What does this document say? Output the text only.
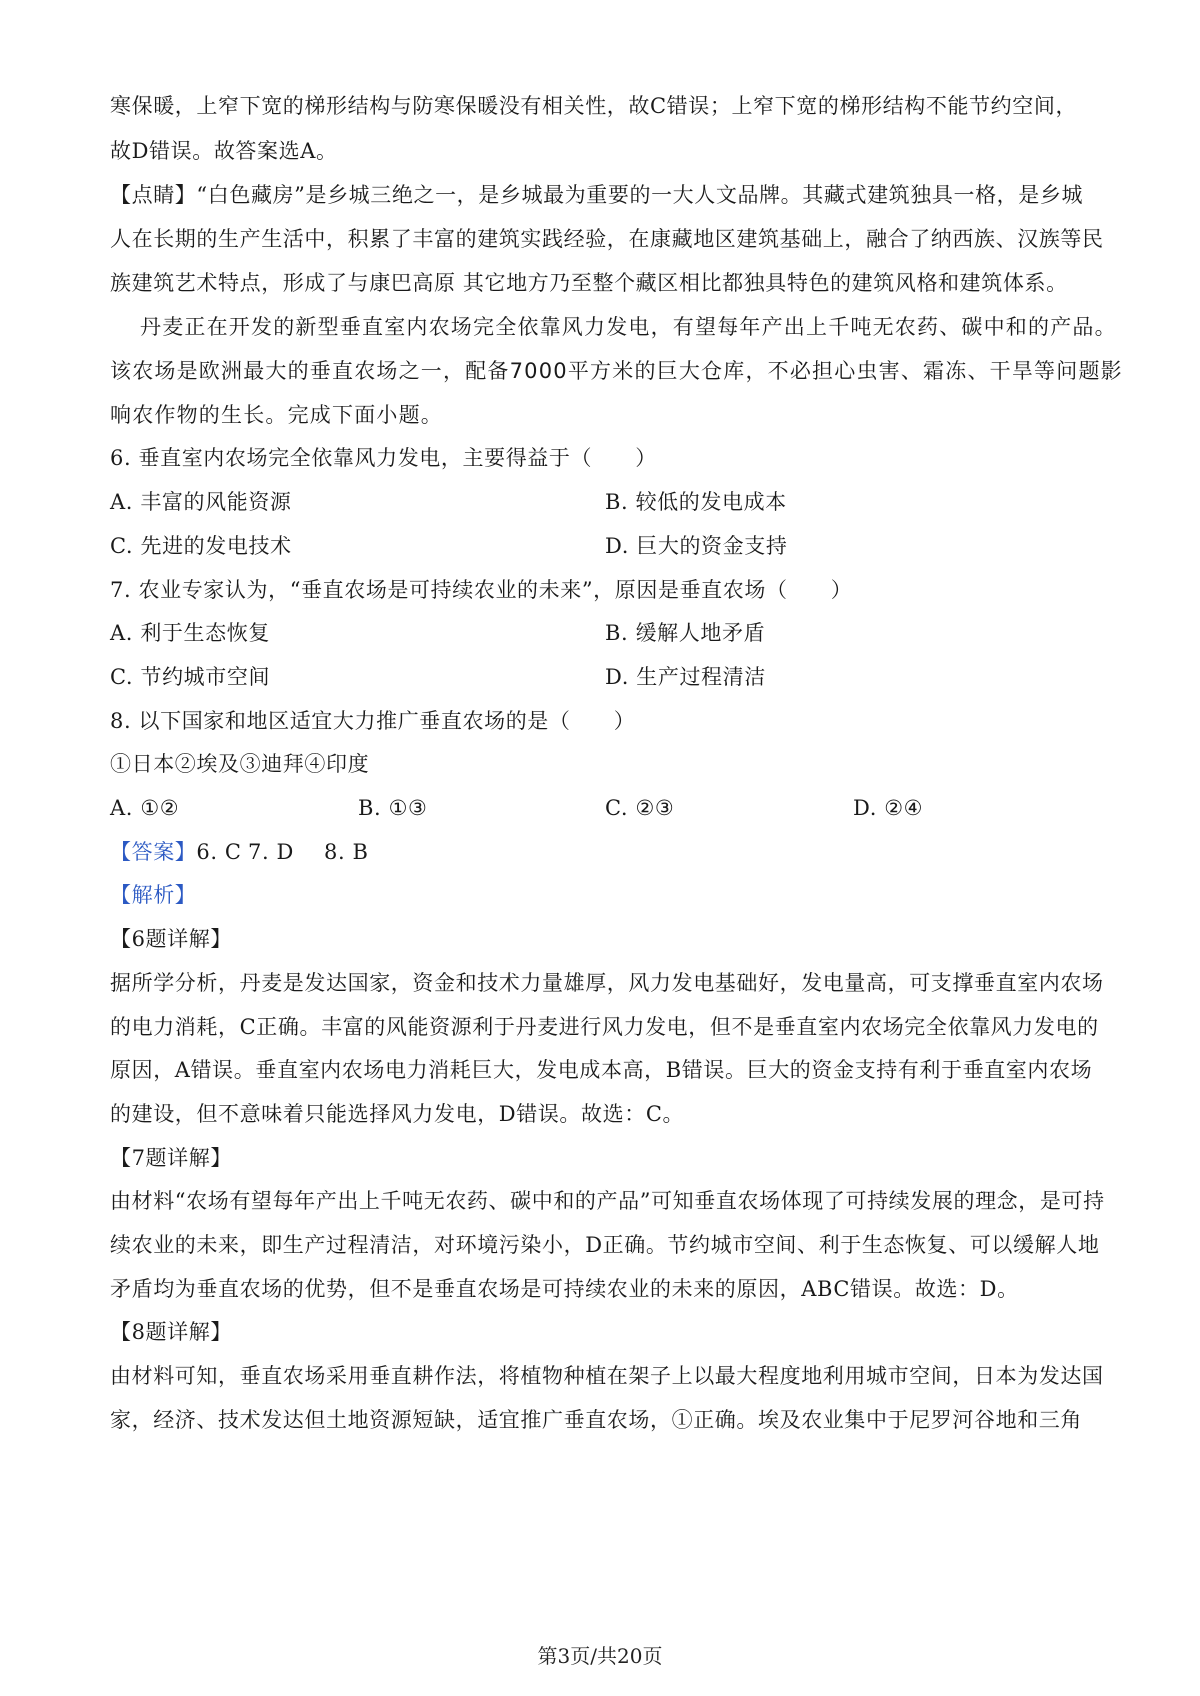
寒保暖，上窄下宽的梯形结构与防寒保暖没有相关性，故C错误；上窄下宽的梯形结构不能节约空间，
故D错误。故答案选A。
【点睛】“白色藏房”是乡城三绝之一，是乡城最为重要的一大人文品牌。其藏式建筑独具一格，是乡城
人在长期的生产生活中，积累了丰富的建筑实践经验，在康藏地区建筑基础上，融合了纳西族、汉族等民
族建筑艺术特点，形成了与康巴高原 其它地方乃至整个藏区相比都独具特色的建筑风格和建筑体系。
丹麦正在开发的新型垂直室内农场完全依靠风力发电，有望每年产出上千吨无农药、碳中和的产品。
该农场是欧洲最大的垂直农场之一，配备7000平方米的巨大仓库，不必担心虫害、霜冻、干旱等问题影
响农作物的生长。完成下面小题。
6. 垂直室内农场完全依靠风力发电，主要得益于（　　）
A. 丰富的风能资源	B. 较低的发电成本
C. 先进的发电技术	D. 巨大的资金支持
7. 农业专家认为，“垂直农场是可持续农业的未来”，原因是垂直农场（　　）
A. 利于生态恢复	B. 缓解人地矛盾
C. 节约城市空间	D. 生产过程清洁
8. 以下国家和地区适宜大力推广垂直农场的是（　　）
①日本②埃及③迪拜④印度
A. ①②	B. ①③	C. ②③	D. ②④
【答案】6. C 7. D 8. B
【解析】
【6题详解】
据所学分析，丹麦是发达国家，资金和技术力量雄厚，风力发电基础好，发电量高，可支撑垂直室内农场
的电力消耗，C正确。丰富的风能资源利于丹麦进行风力发电，但不是垂直室内农场完全依靠风力发电的
原因，A错误。垂直室内农场电力消耗巨大，发电成本高，B错误。巨大的资金支持有利于垂直室内农场
的建设，但不意味着只能选择风力发电，D错误。故选：C。
【7题详解】
由材料“农场有望每年产出上千吨无农药、碳中和的产品”可知垂直农场体现了可持续发展的理念，是可持
续农业的未来，即生产过程清洁，对环境污染小，D正确。节约城市空间、利于生态恢复、可以缓解人地
矛盾均为垂直农场的优势，但不是垂直农场是可持续农业的未来的原因，ABC错误。故选：D。
【8题详解】
由材料可知，垂直农场采用垂直耕作法，将植物种植在架子上以最大程度地利用城市空间，日本为发达国
家，经济、技术发达但土地资源短缺，适宜推广垂直农场，①正确。埃及农业集中于尼罗河谷地和三角
第3页/共20页
